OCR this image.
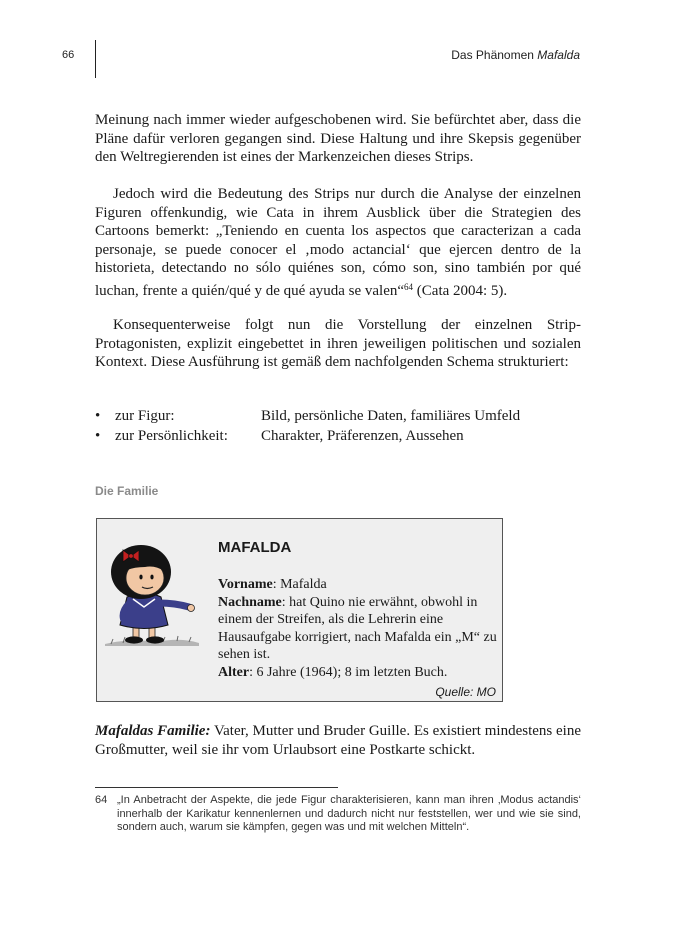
66	Das Phänomen Mafalda

Meinung nach immer wieder aufgeschobenen wird. Sie befürchtet aber, dass die Pläne dafür verloren gegangen sind. Diese Haltung und ihre Skepsis gegenüber den Weltregierenden ist eines der Markenzeichen dieses Strips.

Jedoch wird die Bedeutung des Strips nur durch die Analyse der einzelnen Figuren offenkundig, wie Cata in ihrem Ausblick über die Strategien des Cartoons bemerkt: „Teniendo en cuenta los aspectos que caracterizan a cada personaje, se puede conocer el ‚modo actancial‘ que ejercen dentro de la historieta, detectando no sólo quiénes son, cómo son, sino también por qué luchan, frente a quién/qué y de qué ayuda se valen“$^{64}$ (Cata 2004: 5).

Konsequenterweise folgt nun die Vorstellung der einzelnen Strip-Protagonisten, explizit eingebettet in ihren jeweiligen politischen und sozialen Kontext. Diese Ausführung ist gemäß dem nachfolgenden Schema strukturiert:

• zur Figur:	Bild, persönliche Daten, familiäres Umfeld
• zur Persönlichkeit:	Charakter, Präferenzen, Aussehen
Die Familie
MAFALDA
Vorname: Mafalda
Nachname: hat Quino nie erwähnt, obwohl in einem der Streifen, als die Lehrerin eine Hausaufgabe korrigiert, nach Mafalda ein „M“ zu sehen ist.
Alter: 6 Jahre (1964); 8 im letzten Buch.
Quelle: MO

Mafaldas Familie: Vater, Mutter und Bruder Guille. Es existiert mindestens eine Großmutter, weil sie ihr vom Urlaubsort eine Postkarte schickt.

64 „In Anbetracht der Aspekte, die jede Figur charakterisieren, kann man ihren ‚Modus actandis‘ innerhalb der Karikatur kennenlernen und dadurch nicht nur feststellen, wer und wie sie sind, sondern auch, warum sie kämpfen, gegen was und mit welchen Mitteln“.
